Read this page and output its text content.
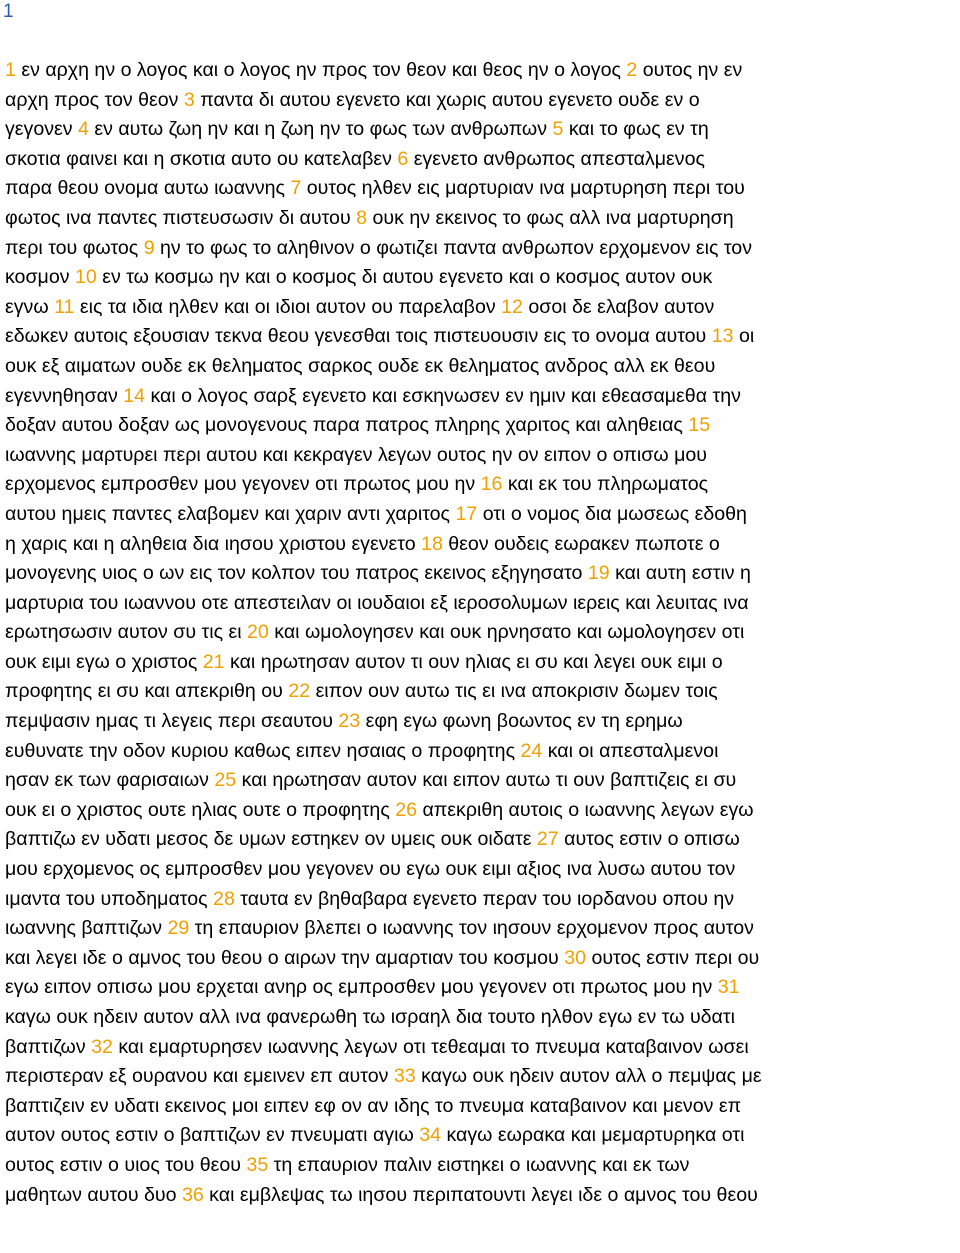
1
1 εν αρχη ην ο λογος και ο λογος ην προς τον θεον και θεος ην ο λογος 2 ουτος ην εν
αρχη προς τον θεον 3 παντα δι αυτου εγενετο και χωρις αυτου εγενετο ουδε εν ο
γεγονεν 4 εν αυτω ζωη ην και η ζωη ην το φως των ανθρωπων 5 και το φως εν τη
σκοτια φαινει και η σκοτια αυτο ου κατελαβεν 6 εγενετο ανθρωπος απεσταλμενος
παρα θεου ονομα αυτω ιωαννης 7 ουτος ηλθεν εις μαρτυριαν ινα μαρτυρηση περι του
φωτος ινα παντες πιστευσωσιν δι αυτου 8 ουκ ην εκεινος το φως αλλ ινα μαρτυρηση
περι του φωτος 9 ην το φως το αληθινον ο φωτιζει παντα ανθρωπον ερχομενον εις τον
κοσμον 10 εν τω κοσμω ην και ο κοσμος δι αυτου εγενετο και ο κοσμος αυτον ουκ
εγνω 11 εις τα ιδια ηλθεν και οι ιδιοι αυτον ου παρελαβον 12 οσοι δε ελαβον αυτον
εδωκεν αυτοις εξουσιαν τεκνα θεου γενεσθαι τοις πιστευουσιν εις το ονομα αυτου 13 οι
ουκ εξ αιματων ουδε εκ θεληματος σαρκος ουδε εκ θεληματος ανδρος αλλ εκ θεου
εγεννηθησαν 14 και ο λογος σαρξ εγενετο και εσκηνωσεν εν ημιν και εθεασαμεθα την
δοξαν αυτου δοξαν ως μονογενους παρα πατρος πληρης χαριτος και αληθειας 15
ιωαννης μαρτυρει περι αυτου και κεκραγεν λεγων ουτος ην ον ειπον ο οπισω μου
ερχομενος εμπροσθεν μου γεγονεν οτι πρωτος μου ην 16 και εκ του πληρωματος
αυτου ημεις παντες ελαβομεν και χαριν αντι χαριτος 17 οτι ο νομος δια μωσεως εδοθη
η χαρις και η αληθεια δια ιησου χριστου εγενετο 18 θεον ουδεις εωρακεν πωποτε ο
μονογενης υιος ο ων εις τον κολπον του πατρος εκεινος εξηγησατο 19 και αυτη εστιν η
μαρτυρια του ιωαννου οτε απεστειλαν οι ιουδαιοι εξ ιεροσολυμων ιερεις και λευιτας ινα
ερωτησωσιν αυτον συ τις ει 20 και ωμολογησεν και ουκ ηρνησατο και ωμολογησεν οτι
ουκ ειμι εγω ο χριστος 21 και ηρωτησαν αυτον τι ουν ηλιας ει συ και λεγει ουκ ειμι ο
προφητης ει συ και απεκριθη ου 22 ειπον ουν αυτω τις ει ινα αποκρισιν δωμεν τοις
πεμψασιν ημας τι λεγεις περι σεαυτου 23 εφη εγω φωνη βοωντος εν τη ερημω
ευθυνατε την οδον κυριου καθως ειπεν ησαιας ο προφητης 24 και οι απεσταλμενοι
ησαν εκ των φαρισαιων 25 και ηρωτησαν αυτον και ειπον αυτω τι ουν βαπτιζεις ει συ
ουκ ει ο χριστος ουτε ηλιας ουτε ο προφητης 26 απεκριθη αυτοις ο ιωαννης λεγων εγω
βαπτιζω εν υδατι μεσος δε υμων εστηκεν ον υμεις ουκ οιδατε 27 αυτος εστιν ο οπισω
μου ερχομενος ος εμπροσθεν μου γεγονεν ου εγω ουκ ειμι αξιος ινα λυσω αυτου τον
ιμαντα του υποδηματος 28 ταυτα εν βηθαβαρα εγενετο περαν του ιορδανου οπου ην
ιωαννης βαπτιζων 29 τη επαυριον βλεπει ο ιωαννης τον ιησουν ερχομενον προς αυτον
και λεγει ιδε ο αμνος του θεου ο αιρων την αμαρτιαν του κοσμου 30 ουτος εστιν περι ου
εγω ειπον οπισω μου ερχεται ανηρ ος εμπροσθεν μου γεγονεν οτι πρωτος μου ην 31
καγω ουκ ηδειν αυτον αλλ ινα φανερωθη τω ισραηλ δια τουτο ηλθον εγω εν τω υδατι
βαπτιζων 32 και εμαρτυρησεν ιωαννης λεγων οτι τεθεαμαι το πνευμα καταβαινον ωσει
περιστεραν εξ ουρανου και εμεινεν επ αυτον 33 καγω ουκ ηδειν αυτον αλλ ο πεμψας με
βαπτιζειν εν υδατι εκεινος μοι ειπεν εφ ον αν ιδης το πνευμα καταβαινον και μενον επ
αυτον ουτος εστιν ο βαπτιζων εν πνευματι αγιω 34 καγω εωρακα και μεμαρτυρηκα οτι
ουτος εστιν ο υιος του θεου 35 τη επαυριον παλιν ειστηκει ο ιωαννης και εκ των
μαθητων αυτου δυο 36 και εμβλεψας τω ιησου περιπατουντι λεγει ιδε ο αμνος του θεου
